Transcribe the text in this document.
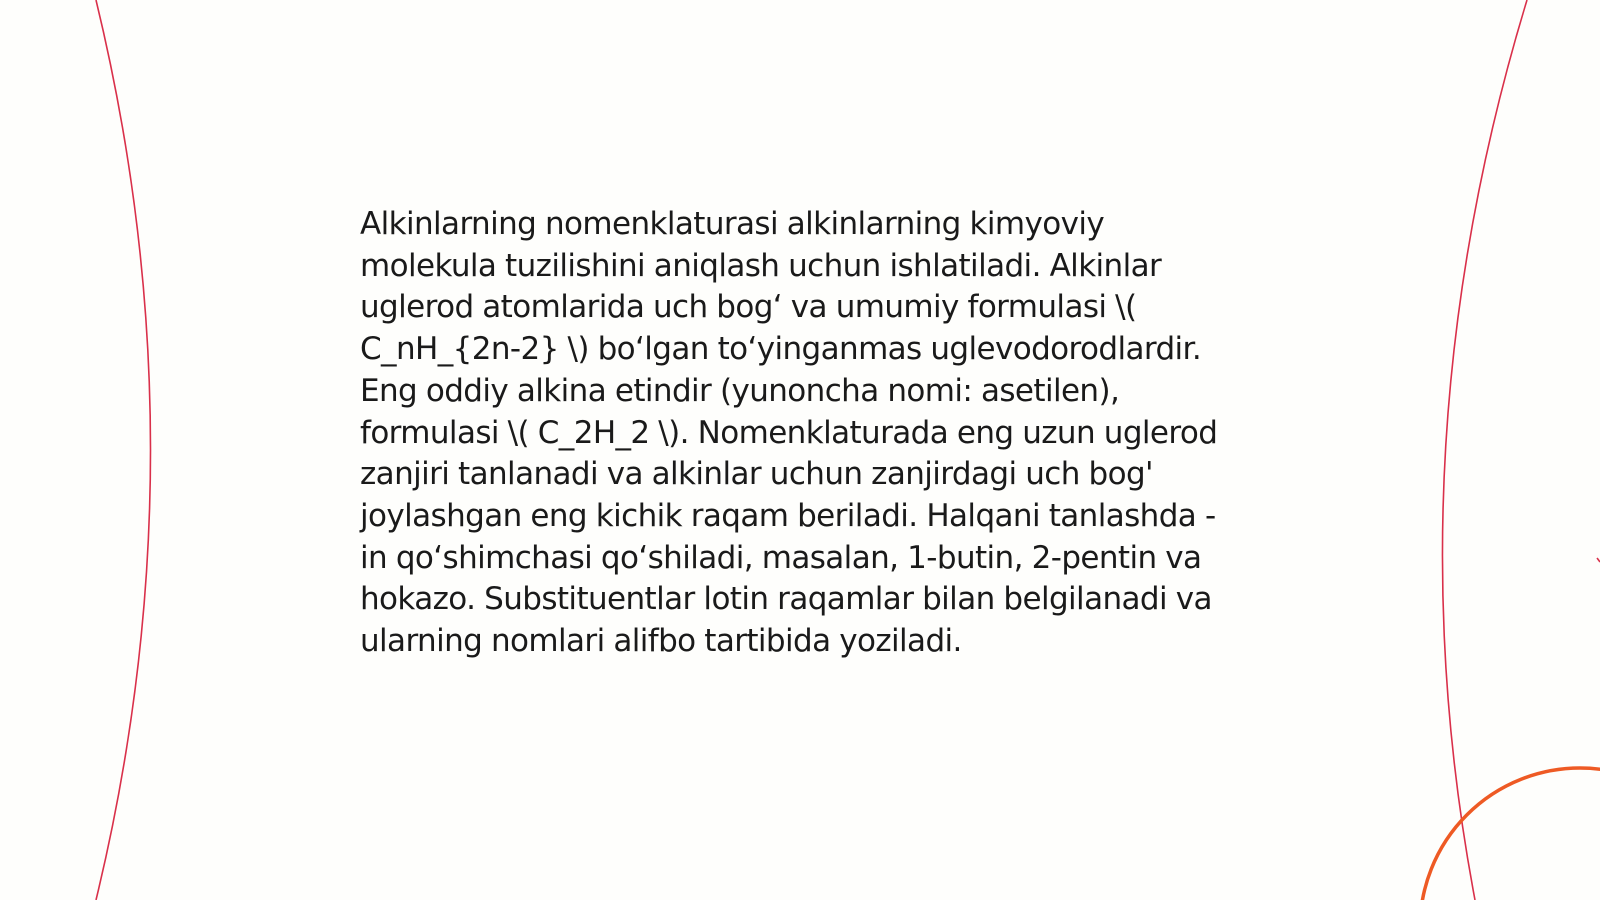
Alkinlarning nomenklaturasi alkinlarning kimyoviy molekula tuzilishini aniqlash uchun ishlatiladi. Alkinlar uglerod atomlarida uch bog‘ va umumiy formulasi \( C_nH_{2n-2} \) bo‘lgan to‘yinganmas uglevodorodlardir. Eng oddiy alkina etindir (yunoncha nomi: asetilen), formulasi \( C_2H_2 \). Nomenklaturada eng uzun uglerod zanjiri tanlanadi va alkinlar uchun zanjirdagi uch bog' joylashgan eng kichik raqam beriladi. Halqani tanlashda -in qo‘shimchasi qo‘shiladi, masalan, 1-butin, 2-pentin va hokazo. Substituentlar lotin raqamlar bilan belgilanadi va ularning nomlari alifbo tartibida yoziladi.
